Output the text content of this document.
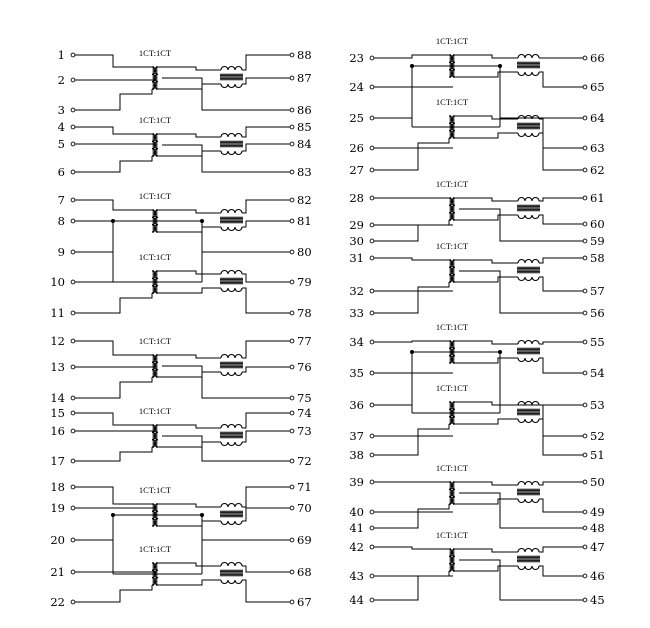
1CT:1CT
1
2
3
88
87
86
1CT:1CT
4
5
6
85
84
83
1CT:1CT
7
8
82
81
1CT:1CT
10
11
79
78
9	80
1CT:1CT
12
13
14
77
76
75
1CT:1CT
15
16
17
74
73
72
1CT:1CT
18
19
71
70
1CT:1CT
21
22
68
67
20	69
1CT:1CT
23
24
66
65
1CT:1CT
26
27
63
62
25	64
1CT:1CT
28
29
30
61
60
59
1CT:1CT
31
32
33
58
57
56
1CT:1CT
34
35
55
54
1CT:1CT
37
38
52
51
36	53
1CT:1CT
39
40
41
50
49
48
1CT:1CT
42
43
44
47
46
45
